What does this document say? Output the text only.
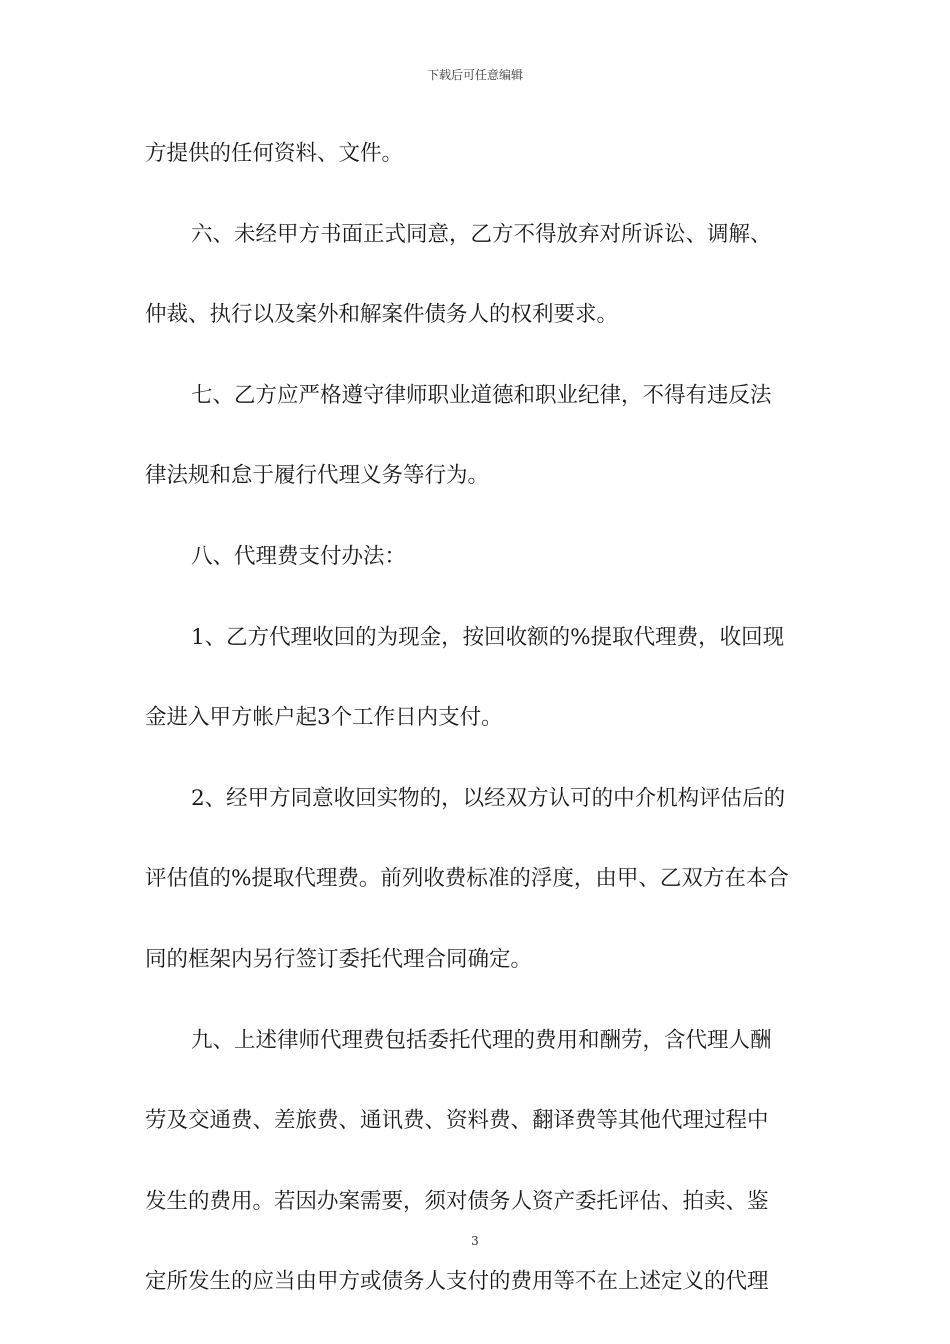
下载后可任意编辑
方提供的任何资料、文件。
六、未经甲方书面正式同意，乙方不得放弃对所诉讼、调解、
仲裁、执行以及案外和解案件债务人的权利要求。
七、乙方应严格遵守律师职业道德和职业纪律，不得有违反法
律法规和怠于履行代理义务等行为。
八、代理费支付办法：
1、乙方代理收回的为现金，按回收额的%提取代理费，收回现
金进入甲方帐户起3个工作日内支付。
2、经甲方同意收回实物的，以经双方认可的中介机构评估后的
评估值的%提取代理费。前列收费标准的浮度，由甲、乙双方在本合
同的框架内另行签订委托代理合同确定。
九、上述律师代理费包括委托代理的费用和酬劳，含代理人酬
劳及交通费、差旅费、通讯费、资料费、翻译费等其他代理过程中
发生的费用。若因办案需要，须对债务人资产委托评估、拍卖、鉴
定所发生的应当由甲方或债务人支付的费用等不在上述定义的代理
3
